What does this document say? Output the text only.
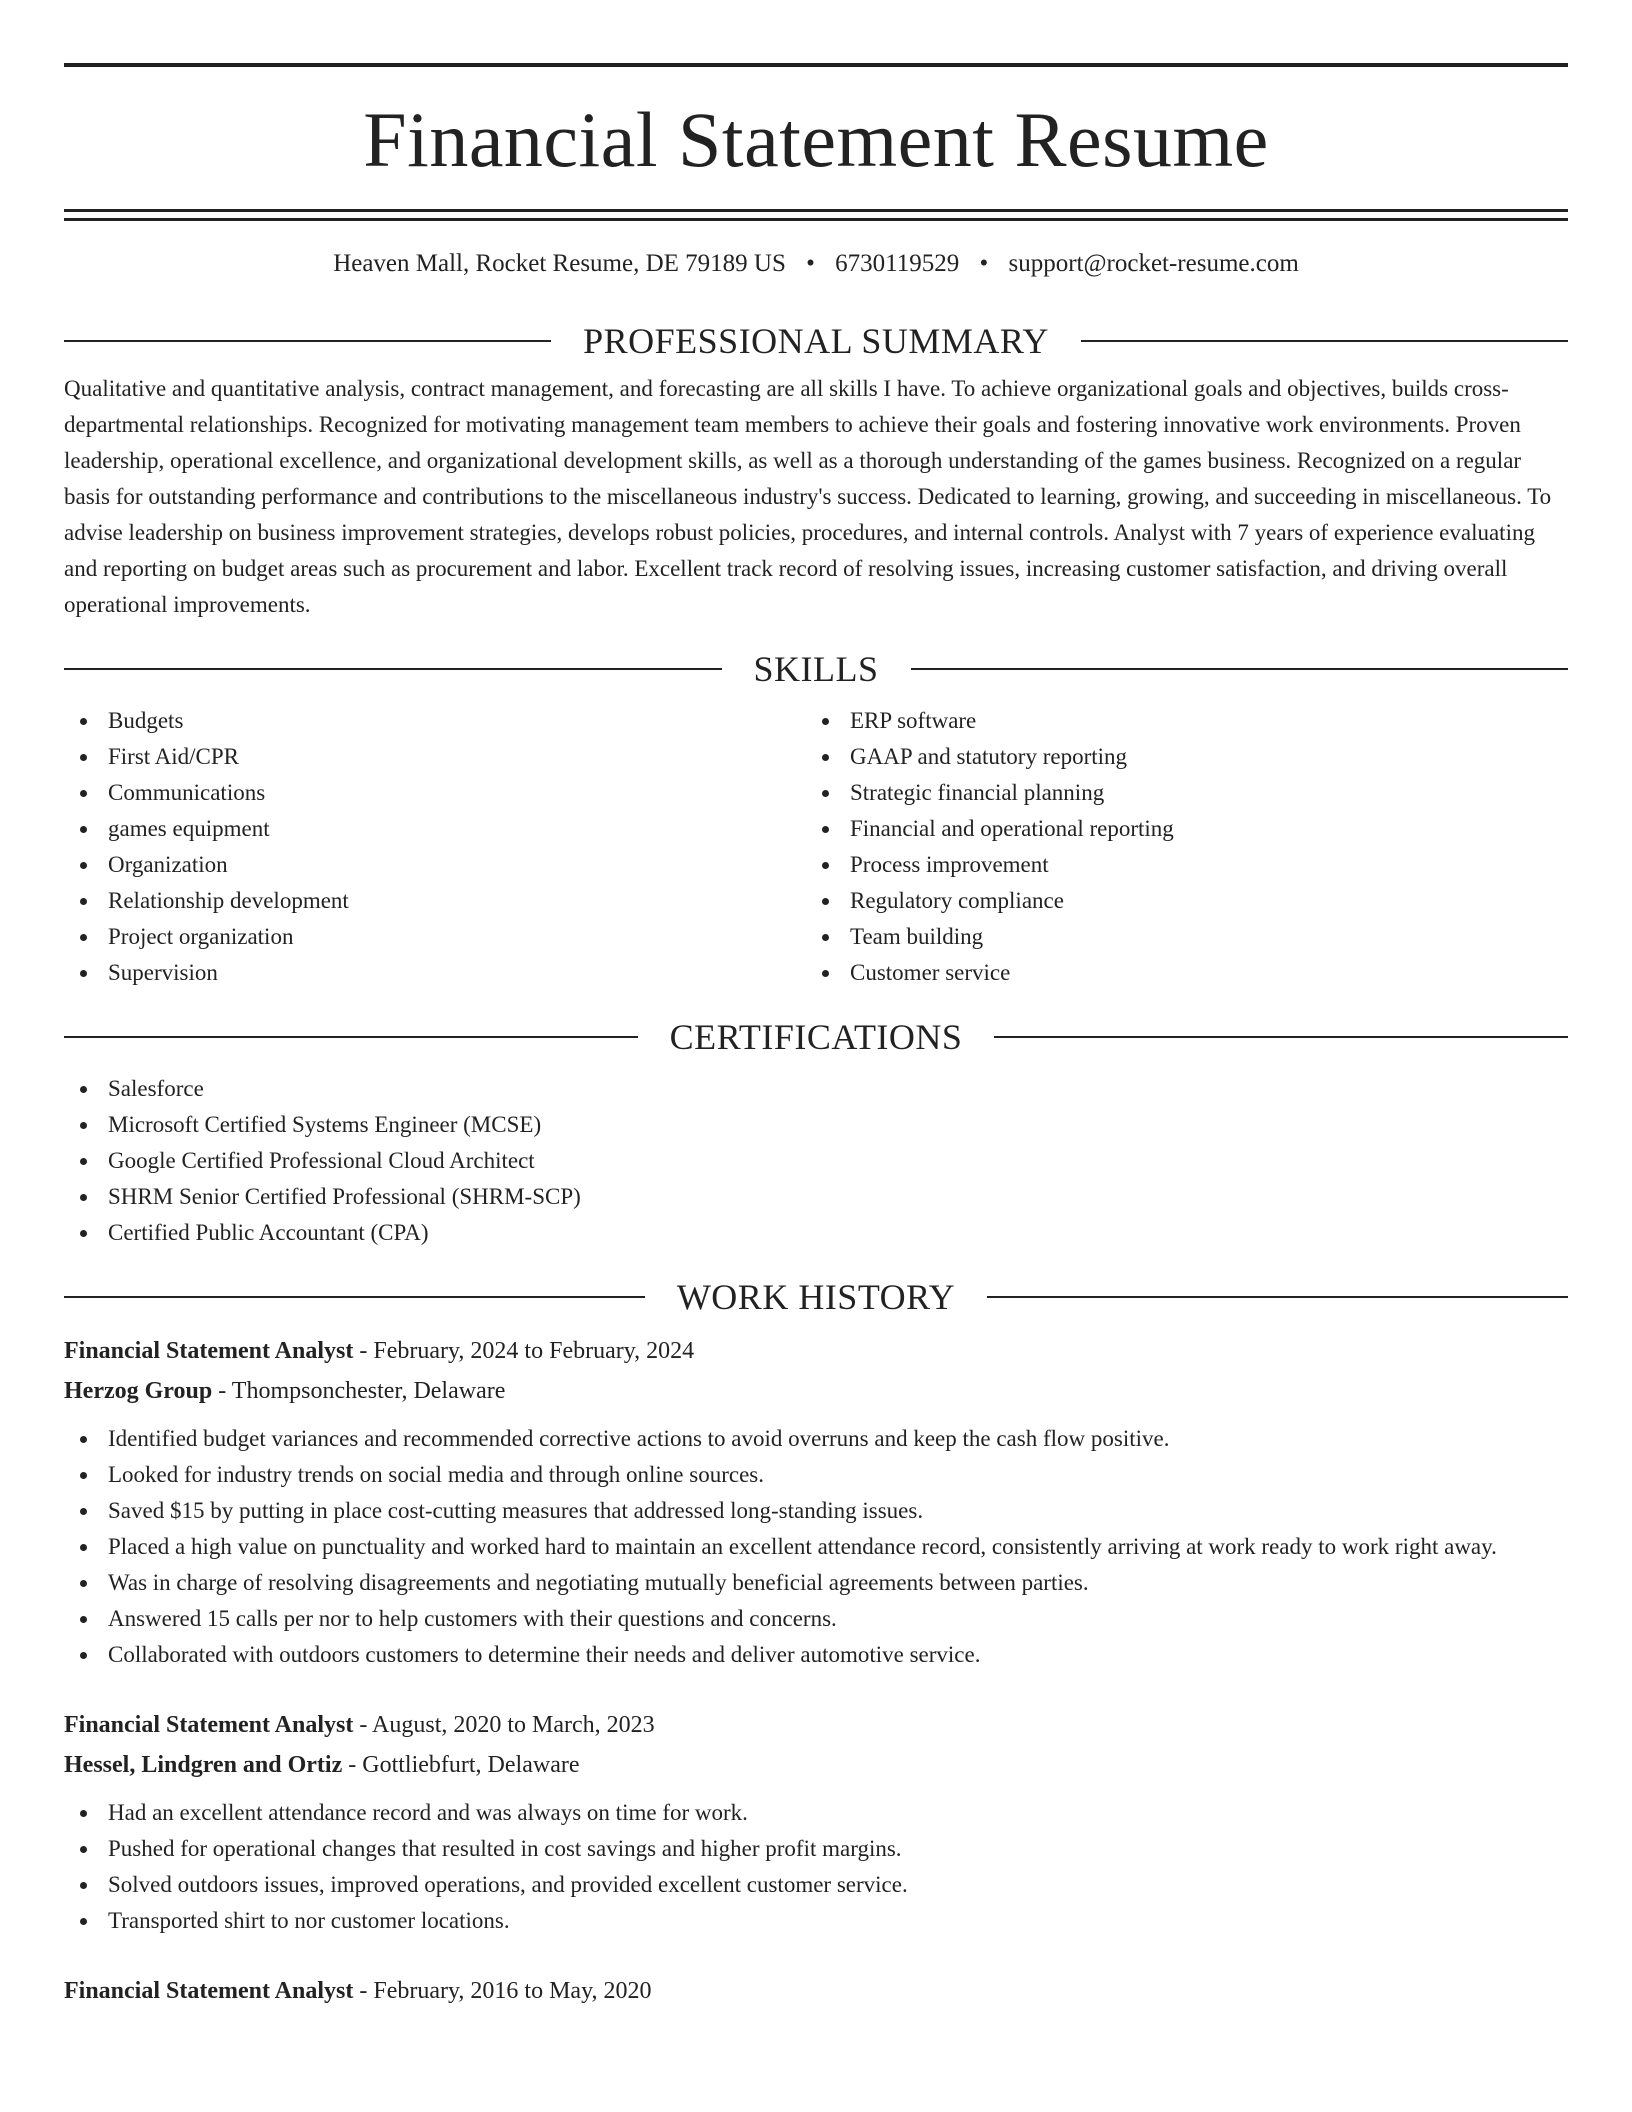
Financial Statement Resume
Heaven Mall, Rocket Resume, DE 79189 US • 6730119529 • support@rocket-resume.com
PROFESSIONAL SUMMARY
Qualitative and quantitative analysis, contract management, and forecasting are all skills I have. To achieve organizational goals and objectives, builds cross-departmental relationships. Recognized for motivating management team members to achieve their goals and fostering innovative work environments. Proven leadership, operational excellence, and organizational development skills, as well as a thorough understanding of the games business. Recognized on a regular basis for outstanding performance and contributions to the miscellaneous industry's success. Dedicated to learning, growing, and succeeding in miscellaneous. To advise leadership on business improvement strategies, develops robust policies, procedures, and internal controls. Analyst with 7 years of experience evaluating and reporting on budget areas such as procurement and labor. Excellent track record of resolving issues, increasing customer satisfaction, and driving overall operational improvements.
SKILLS
Budgets
First Aid/CPR
Communications
games equipment
Organization
Relationship development
Project organization
Supervision
ERP software
GAAP and statutory reporting
Strategic financial planning
Financial and operational reporting
Process improvement
Regulatory compliance
Team building
Customer service
CERTIFICATIONS
Salesforce
Microsoft Certified Systems Engineer (MCSE)
Google Certified Professional Cloud Architect
SHRM Senior Certified Professional (SHRM-SCP)
Certified Public Accountant (CPA)
WORK HISTORY
Financial Statement Analyst - February, 2024 to February, 2024
Herzog Group - Thompsonchester, Delaware
Identified budget variances and recommended corrective actions to avoid overruns and keep the cash flow positive.
Looked for industry trends on social media and through online sources.
Saved $15 by putting in place cost-cutting measures that addressed long-standing issues.
Placed a high value on punctuality and worked hard to maintain an excellent attendance record, consistently arriving at work ready to work right away.
Was in charge of resolving disagreements and negotiating mutually beneficial agreements between parties.
Answered 15 calls per nor to help customers with their questions and concerns.
Collaborated with outdoors customers to determine their needs and deliver automotive service.
Financial Statement Analyst - August, 2020 to March, 2023
Hessel, Lindgren and Ortiz - Gottliebfurt, Delaware
Had an excellent attendance record and was always on time for work.
Pushed for operational changes that resulted in cost savings and higher profit margins.
Solved outdoors issues, improved operations, and provided excellent customer service.
Transported shirt to nor customer locations.
Financial Statement Analyst - February, 2016 to May, 2020
